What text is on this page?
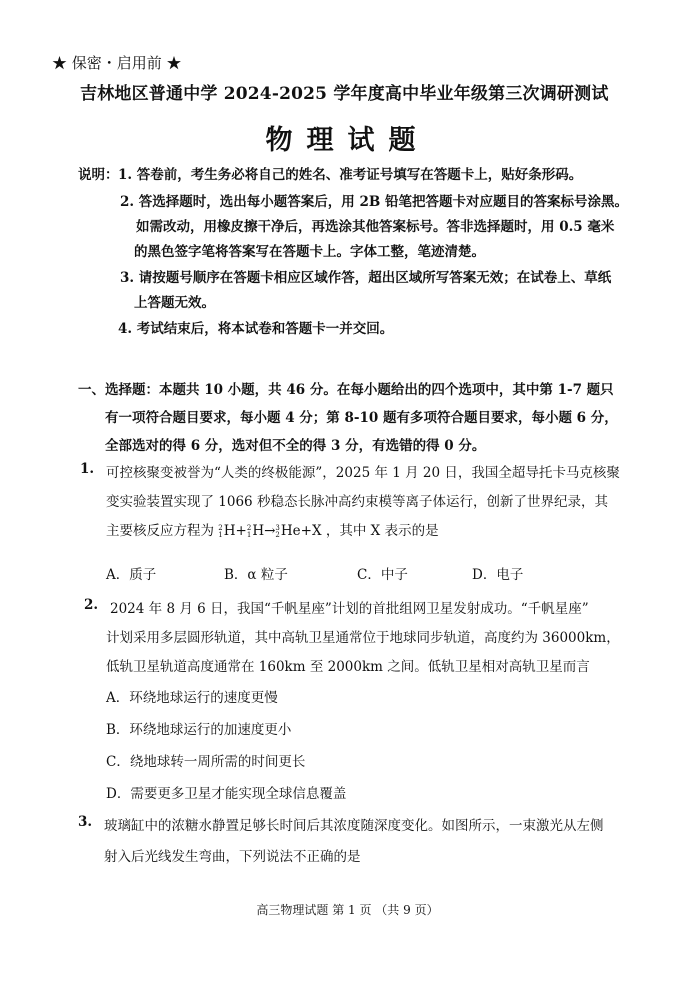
★ 保密・启用前 ★
吉林地区普通中学 2024-2025 学年度高中毕业年级第三次调研测试
物理试题
说明： 1. 答卷前，考生务必将自己的姓名、准考证号填写在答题卡上，贴好条形码。
2. 答选择题时，选出每小题答案后，用 2B 铅笔把答题卡对应题目的答案标号涂黑。
如需改动，用橡皮擦干净后，再选涂其他答案标号。答非选择题时，用 0.5 毫米
的黑色签字笔将答案写在答题卡上。字体工整，笔迹清楚。
3. 请按题号顺序在答题卡相应区域作答，超出区域所写答案无效；在试卷上、草纸
上答题无效。
4. 考试结束后，将本试卷和答题卡一并交回。
一、选择题：本题共 10 小题，共 46 分。在每小题给出的四个选项中，其中第 1-7 题只
有一项符合题目要求，每小题 4 分；第 8-10 题有多项符合题目要求，每小题 6 分，
全部选对的得 6 分，选对但不全的得 3 分，有选错的得 0 分。
1. 可控核聚变被誉为“人类的终极能源”，2025 年 1 月 20 日，我国全超导托卡马克核聚
变实验装置实现了 1066 秒稳态长脉冲高约束模等离子体运行，创新了世界纪录，其
主要核反应方程为 2
1 H+ 2
1 H→ 3
2 He+X ，其中 X 表示的是
A．质子	B．α 粒子	C．中子	D．电子
2. 2024 年 8 月 6 日，我国“千帆星座”计划的首批组网卫星发射成功。“千帆星座”
计划采用多层圆形轨道，其中高轨卫星通常位于地球同步轨道，高度约为 36000km，
低轨卫星轨道高度通常在 160km 至 2000km 之间。低轨卫星相对高轨卫星而言
A．环绕地球运行的速度更慢
B．环绕地球运行的加速度更小
C．绕地球转一周所需的时间更长
D．需要更多卫星才能实现全球信息覆盖
3. 玻璃缸中的浓糖水静置足够长时间后其浓度随深度变化。如图所示，一束激光从左侧
射入后光线发生弯曲，下列说法不正确的是
高三物理试题 第 1 页 （共 9 页）
